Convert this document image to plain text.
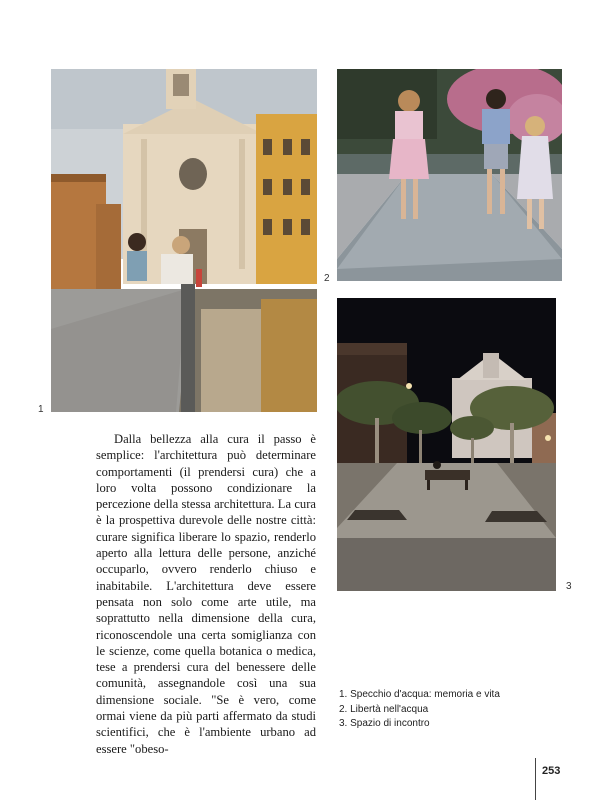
1
2
3

Dalla bellezza alla cura il passo è semplice: l'architettura può determinare comportamenti (il prendersi cura) che a loro volta possono condizionare la percezione della stessa architettura. La cura è la prospettiva durevole delle nostre città: curare significa liberare lo spazio, renderlo aperto alla lettura delle persone, anziché occuparlo, ovvero renderlo chiuso e inabitabile. L'architettura deve essere pensata non solo come arte utile, ma soprattutto nella dimensione della cura, riconoscendole una certa somiglianza con le scienze, come quella botanica o medica, tese a prendersi cura del benessere delle comunità, assegnandole così una sua dimensione sociale. "Se è vero, come ormai viene da più parti affermato da studi scientifici, che è l'ambiente urbano ad essere "obeso-

1. Specchio d'acqua: memoria e vita
2. Libertà nell'acqua
3. Spazio di incontro
253
